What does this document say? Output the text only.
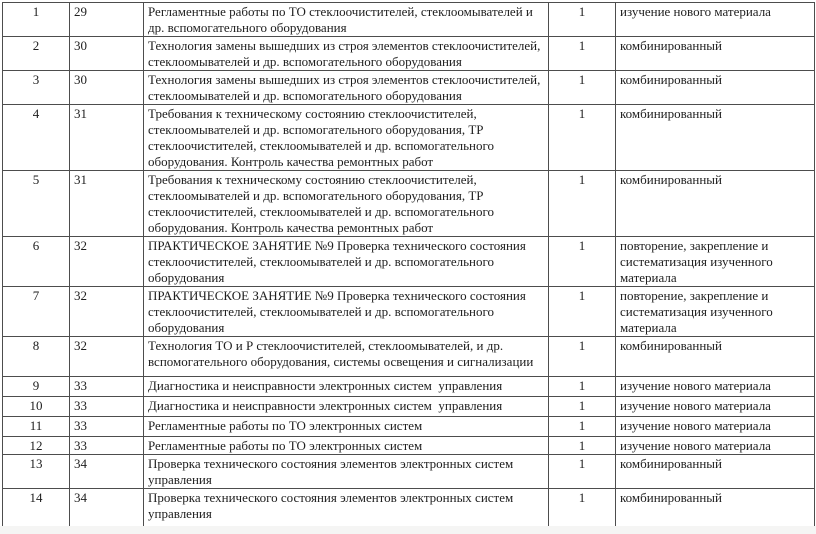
1	29	Регламентные работы по ТО стеклоочистителей, стеклоомывателей и др. вспомогательного оборудования	1	изучение нового материала
2	30	Технология замены вышедших из строя элементов стеклоочистителей, стеклоомывателей и др. вспомогательного оборудования	1	комбинированный
3	30	Технология замены вышедших из строя элементов стеклоочистителей, стеклоомывателей и др. вспомогательного оборудования	1	комбинированный
4	31	Требования к техническому состоянию стеклоочистителей, стеклоомывателей и др. вспомогательного оборудования, ТР стеклоочистителей, стеклоомывателей и др. вспомогательного оборудования. Контроль качества ремонтных работ	1	комбинированный
5	31	Требования к техническому состоянию стеклоочистителей, стеклоомывателей и др. вспомогательного оборудования, ТР стеклоочистителей, стеклоомывателей и др. вспомогательного оборудования. Контроль качества ремонтных работ	1	комбинированный
6	32	ПРАКТИЧЕСКОЕ ЗАНЯТИЕ №9 Проверка технического состояния стеклоочистителей, стеклоомывателей и др. вспомогательного оборудования	1	повторение, закрепление и систематизация изученного материала
7	32	ПРАКТИЧЕСКОЕ ЗАНЯТИЕ №9 Проверка технического состояния стеклоочистителей, стеклоомывателей и др. вспомогательного оборудования	1	повторение, закрепление и систематизация изученного материала
8	32	Технология ТО и Р стеклоочистителей, стеклоомывателей, и др. вспомогательного оборудования, системы освещения и сигнализации	1	комбинированный
9	33	Диагностика и неисправности электронных систем  управления	1	изучение нового материала
10	33	Диагностика и неисправности электронных систем  управления	1	изучение нового материала
11	33	Регламентные работы по ТО электронных систем	1	изучение нового материала
12	33	Регламентные работы по ТО электронных систем	1	изучение нового материала
13	34	Проверка технического состояния элементов электронных систем управления	1	комбинированный
14	34	Проверка технического состояния элементов электронных систем управления	1	комбинированный
